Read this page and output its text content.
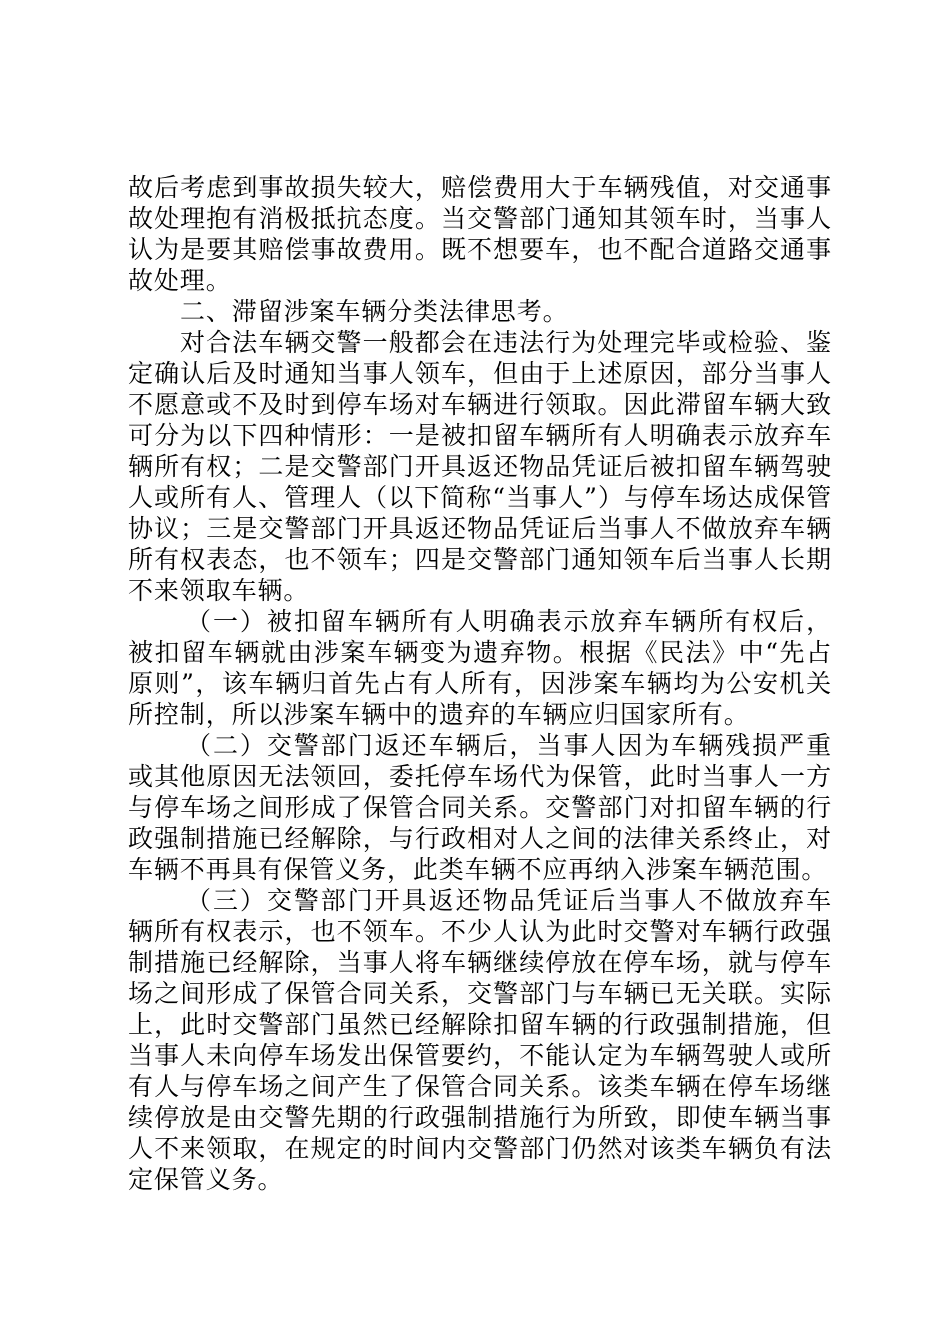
故后考虑到事故损失较大，赔偿费用大于车辆残值，对交通事故处理抱有消极抵抗态度。当交警部门通知其领车时，当事人认为是要其赔偿事故费用。既不想要车，也不配合道路交通事故处理。

二、滞留涉案车辆分类法律思考。

对合法车辆交警一般都会在违法行为处理完毕或检验、鉴定确认后及时通知当事人领车，但由于上述原因，部分当事人不愿意或不及时到停车场对车辆进行领取。因此滞留车辆大致可分为以下四种情形：一是被扣留车辆所有人明确表示放弃车辆所有权；二是交警部门开具返还物品凭证后被扣留车辆驾驶人或所有人、管理人（以下简称“当事人”）与停车场达成保管协议；三是交警部门开具返还物品凭证后当事人不做放弃车辆所有权表态，也不领车；四是交警部门通知领车后当事人长期不来领取车辆。

（一）被扣留车辆所有人明确表示放弃车辆所有权后，被扣留车辆就由涉案车辆变为遗弃物。根据《民法》中“先占原则”，该车辆归首先占有人所有，因涉案车辆均为公安机关所控制，所以涉案车辆中的遗弃的车辆应归国家所有。

（二）交警部门返还车辆后，当事人因为车辆残损严重或其他原因无法领回，委托停车场代为保管，此时当事人一方与停车场之间形成了保管合同关系。交警部门对扣留车辆的行政强制措施已经解除，与行政相对人之间的法律关系终止，对车辆不再具有保管义务，此类车辆不应再纳入涉案车辆范围。

（三）交警部门开具返还物品凭证后当事人不做放弃车辆所有权表示，也不领车。不少人认为此时交警对车辆行政强制措施已经解除，当事人将车辆继续停放在停车场，就与停车场之间形成了保管合同关系，交警部门与车辆已无关联。实际上，此时交警部门虽然已经解除扣留车辆的行政强制措施，但当事人未向停车场发出保管要约，不能认定为车辆驾驶人或所有人与停车场之间产生了保管合同关系。该类车辆在停车场继续停放是由交警先期的行政强制措施行为所致，即使车辆当事人不来领取，在规定的时间内交警部门仍然对该类车辆负有法定保管义务。
